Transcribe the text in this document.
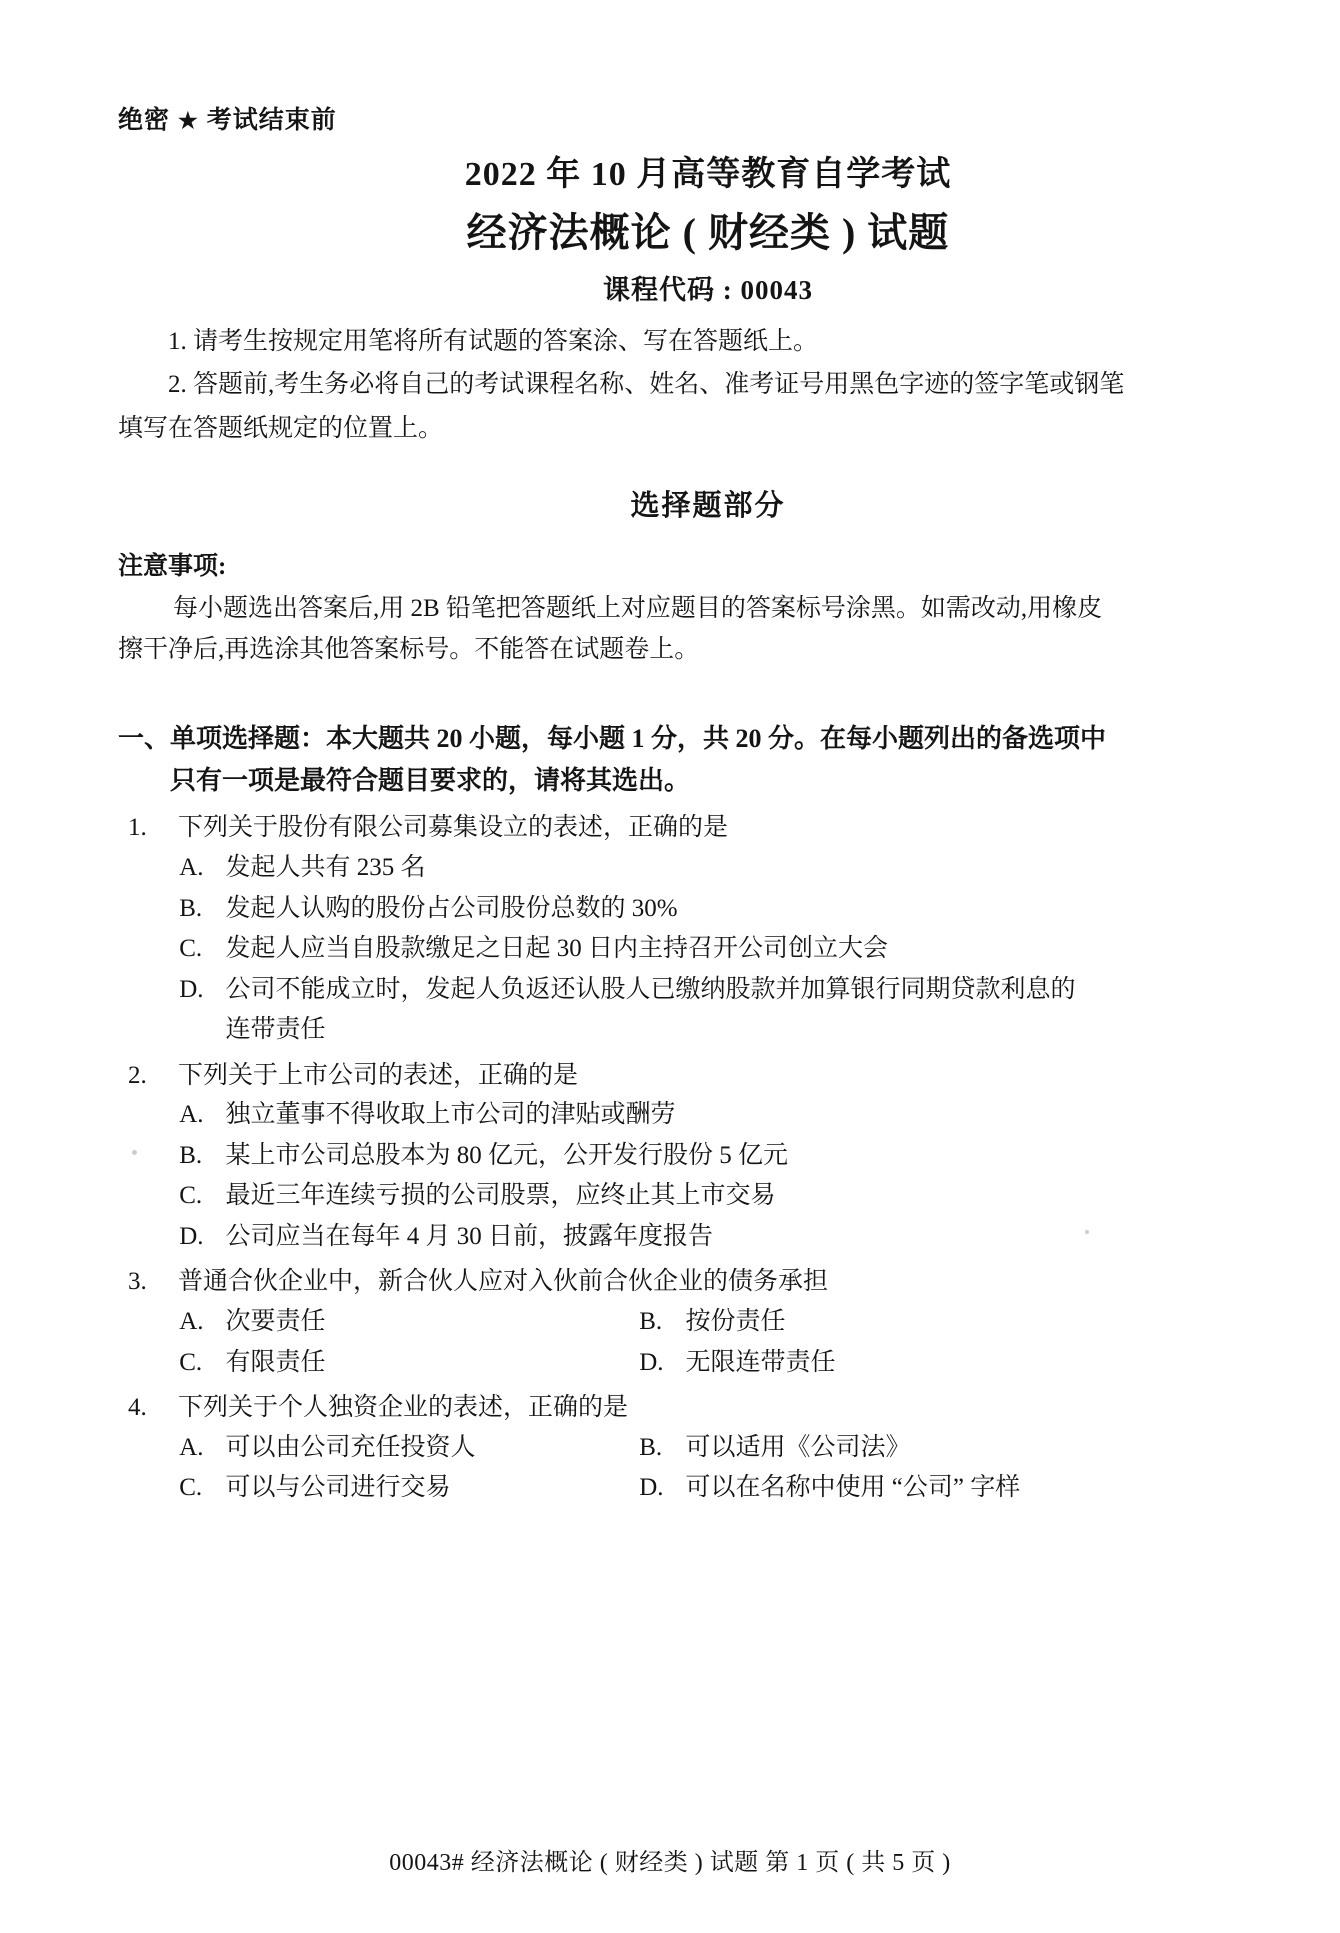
绝密 ★ 考试结束前
2022 年 10 月高等教育自学考试
经济法概论 ( 财经类 ) 试题
课程代码 : 00043

1. 请考生按规定用笔将所有试题的答案涂、写在答题纸上。

2. 答题前,考生务必将自己的考试课程名称、姓名、准考证号用黑色字迹的签字笔或钢笔

填写在答题纸规定的位置上。

选择题部分
注意事项:

每小题选出答案后,用 2B 铅笔把答题纸上对应题目的答案标号涂黑。如需改动,用橡皮

擦干净后,再选涂其他答案标号。不能答在试题卷上。

一、单项选择题：本大题共 20 小题，每小题 1 分，共 20 分。在每小题列出的备选项中
只有一项是最符合题目要求的，请将其选出。
1. 下列关于股份有限公司募集设立的表述，正确的是
A. 发起人共有 235 名
B. 发起人认购的股份占公司股份总数的 30%
C. 发起人应当自股款缴足之日起 30 日内主持召开公司创立大会
D. 公司不能成立时，发起人负返还认股人已缴纳股款并加算银行同期贷款利息的
连带责任
2. 下列关于上市公司的表述，正确的是
A. 独立董事不得收取上市公司的津贴或酬劳
B. 某上市公司总股本为 80 亿元，公开发行股份 5 亿元
C. 最近三年连续亏损的公司股票，应终止其上市交易
D. 公司应当在每年 4 月 30 日前，披露年度报告
3. 普通合伙企业中，新合伙人应对入伙前合伙企业的债务承担
A. 次要责任	B. 按份责任
C. 有限责任	D. 无限连带责任
4. 下列关于个人独资企业的表述，正确的是
A. 可以由公司充任投资人	B. 可以适用《公司法》
C. 可以与公司进行交易	D. 可以在名称中使用 “公司” 字样
00043# 经济法概论 ( 财经类 ) 试题 第 1 页 ( 共 5 页 )
